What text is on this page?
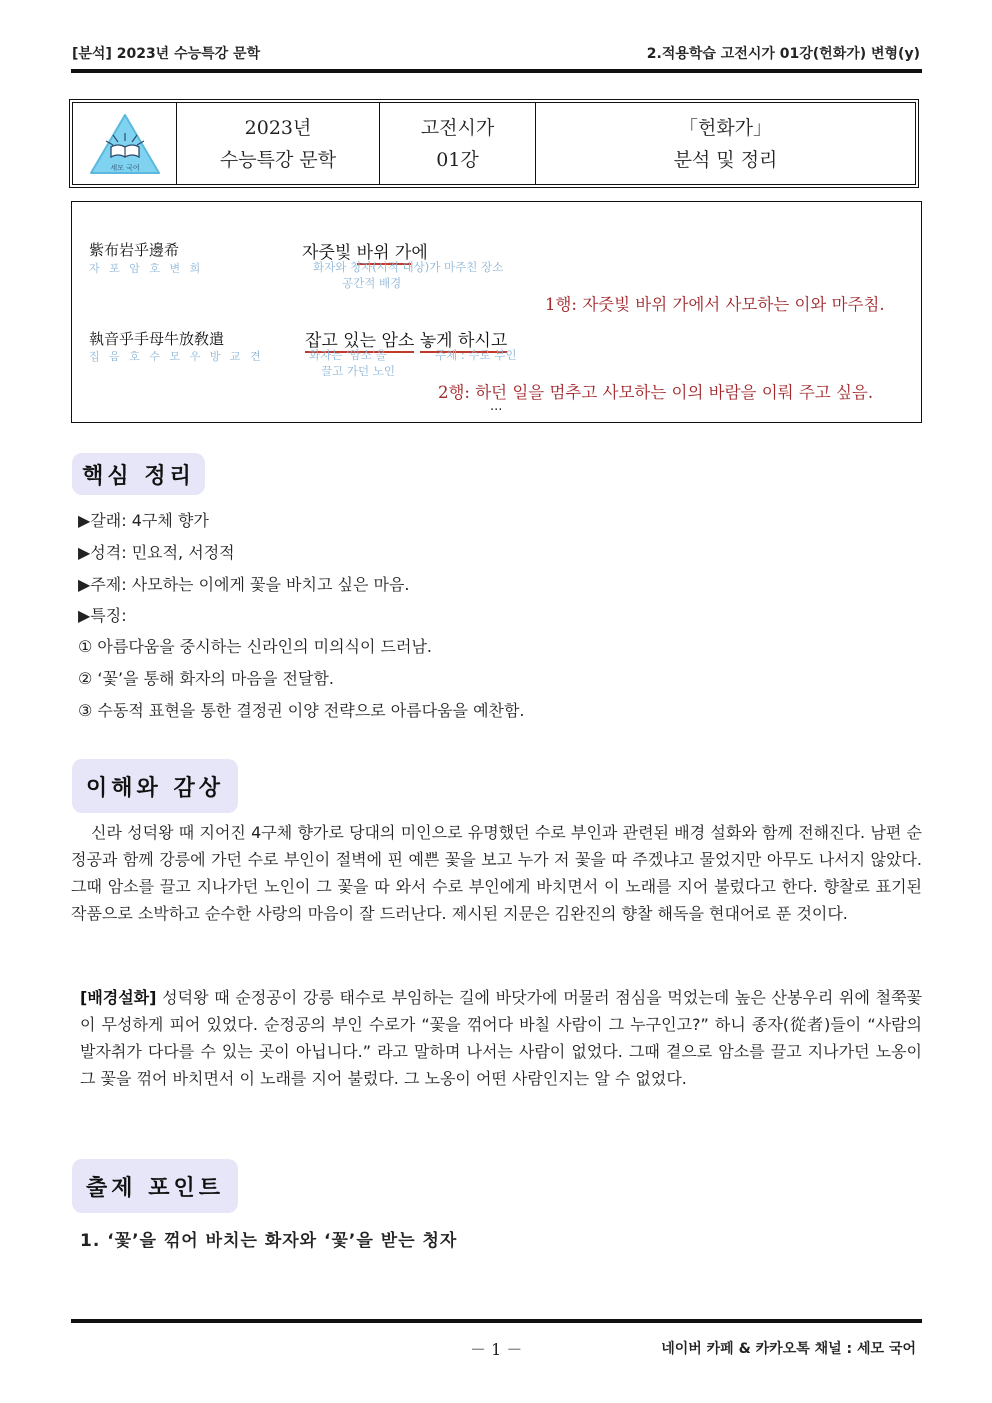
[분석] 2023년 수능특강 문학	2.적용학습 고전시가 01강(헌화가) 변형(y)
세모 국어
2023년
수능특강 문학
고전시가
01강
「헌화가」
분석 및 정리
紫布岩乎邊希
자 포 암 호 변 희
자줏빛 바위 가에
화자와 청자(시적 대상)가 마주친 장소
공간적 배경
1행: 자줏빛 바위 가에서 사모하는 이와 마주침.
執音乎手母牛放敎遣
집 음 호 수 모 우 방 교 견
잡고 있는 암소 놓게 하시고
화자는 ‘암소’을
끌고 가던 노인
주체 : 수로 부인
2행: 하던 일을 멈추고 사모하는 이의 바람을 이뤄 주고 싶음.
...
핵심 정리
▶갈래: 4구체 향가
▶성격: 민요적, 서정적
▶주제: 사모하는 이에게 꽃을 바치고 싶은 마음.
▶특징:
① 아름다움을 중시하는 신라인의 미의식이 드러남.
② ‘꽃’을 통해 화자의 마음을 전달함.
③ 수동적 표현을 통한 결정권 이양 전략으로 아름다움을 예찬함.
이해와 감상
신라 성덕왕 때 지어진 4구체 향가로 당대의 미인으로 유명했던 수로 부인과 관련된 배경 설화와 함께 전해진다. 남편 순정공과 함께 강릉에 가던 수로 부인이 절벽에 핀 예쁜 꽃을 보고 누가 저 꽃을 따 주겠냐고 물었지만 아무도 나서지 않았다. 그때 암소를 끌고 지나가던 노인이 그 꽃을 따 와서 수로 부인에게 바치면서 이 노래를 지어 불렀다고 한다. 향찰로 표기된 작품으로 소박하고 순수한 사랑의 마음이 잘 드러난다. 제시된 지문은 김완진의 향찰 해독을 현대어로 푼 것이다.
[배경설화] 성덕왕 때 순정공이 강릉 태수로 부임하는 길에 바닷가에 머물러 점심을 먹었는데 높은 산봉우리 위에 철쭉꽃이 무성하게 피어 있었다. 순정공의 부인 수로가 “꽃을 꺾어다 바칠 사람이 그 누구인고?” 하니 종자(從者)들이 “사람의 발자취가 다다를 수 있는 곳이 아닙니다.” 라고 말하며 나서는 사람이 없었다. 그때 곁으로 암소를 끌고 지나가던 노옹이 그 꽃을 꺾어 바치면서 이 노래를 지어 불렀다. 그 노옹이 어떤 사람인지는 알 수 없었다.
출제 포인트
1. ‘꽃’을 꺾어 바치는 화자와 ‘꽃’을 받는 청자
－ 1 －	네이버 카페 & 카카오톡 채널 : 세모 국어
